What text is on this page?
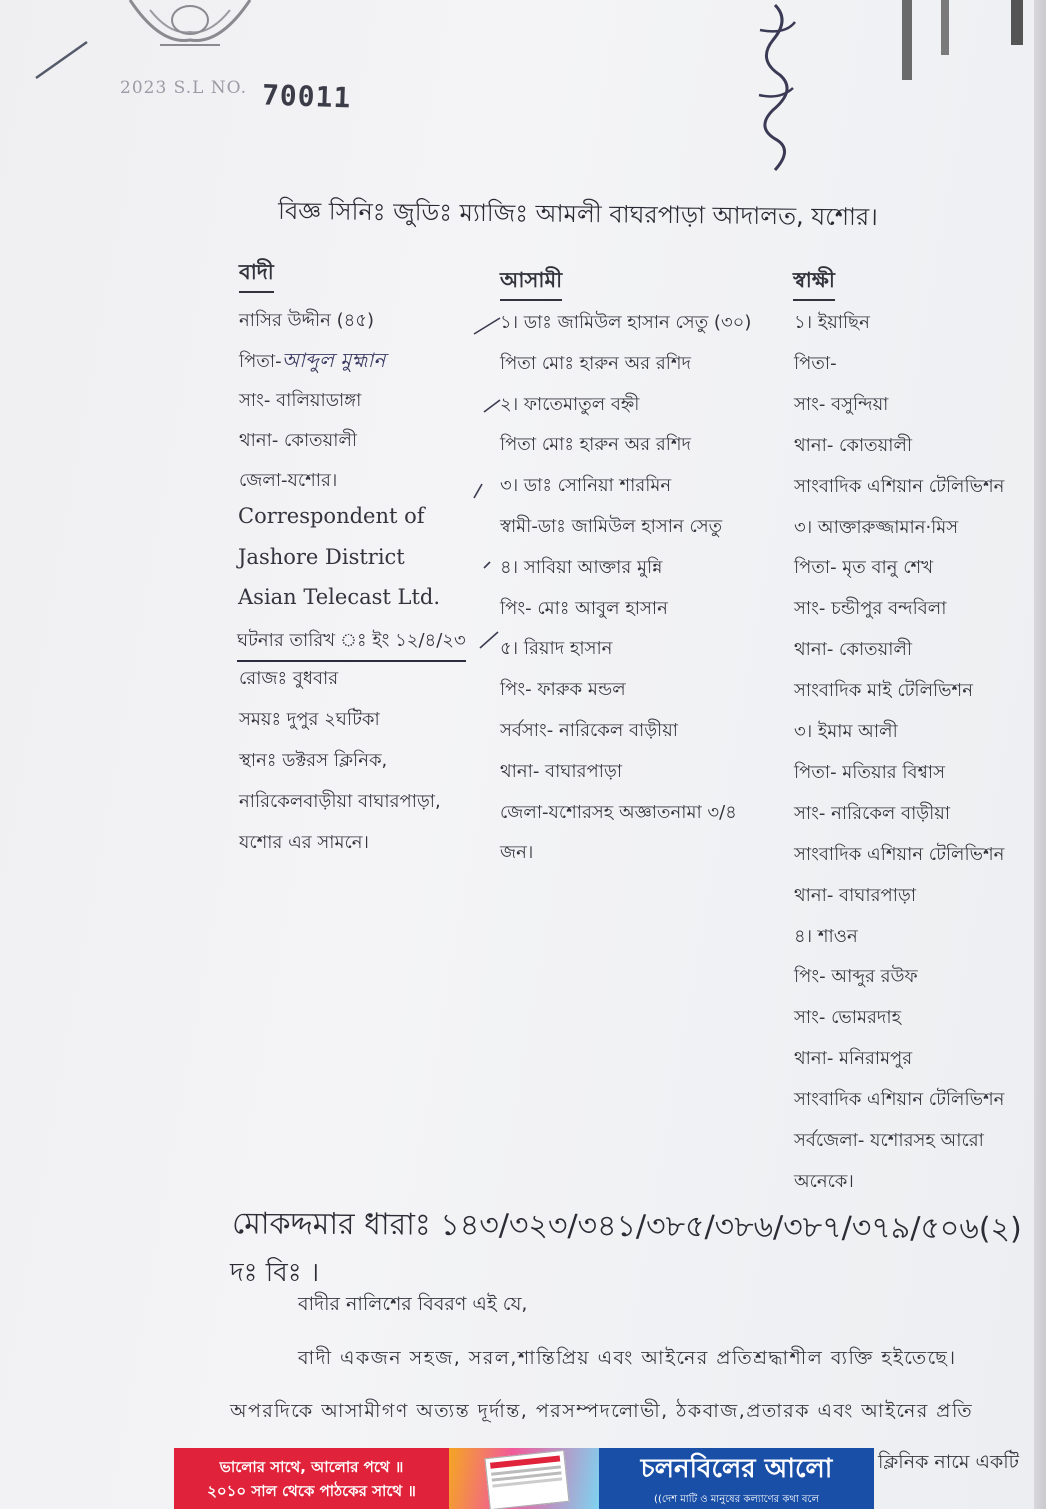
2023 S.L NO. 70011
বিজ্ঞ সিনিঃ জুডিঃ ম্যাজিঃ আমলী বাঘরপাড়া আদালত, যশোর।
বাদী
নাসির উদ্দীন (৪৫)
পিতা-আব্দুল মুহ্মান
সাং- বালিয়াডাঙ্গা
থানা- কোতয়ালী
জেলা-যশোর।
Correspondent of
Jashore District
Asian Telecast Ltd.
ঘটনার তারিখ ঃ ইং ১২/৪/২৩
রোজঃ বুধবার
সময়ঃ দুপুর ২ঘটিকা
স্থানঃ ডক্টরস ক্লিনিক,
নারিকেলবাড়ীয়া বাঘারপাড়া,
যশোর এর সামনে।
আসামী
১। ডাঃ জামিউল হাসান সেতু (৩০)
পিতা মোঃ হারুন অর রশিদ
২। ফাতেমাতুল বহ্নী
পিতা মোঃ হারুন অর রশিদ
৩। ডাঃ সোনিয়া শারমিন
স্বামী-ডাঃ জামিউল হাসান সেতু
৪। সাবিয়া আক্তার মুন্নি
পিং- মোঃ আবুল হাসান
৫। রিয়াদ হাসান
পিং- ফারুক মন্ডল
সর্বসাং- নারিকেল বাড়ীয়া
থানা- বাঘারপাড়া
জেলা-যশোরসহ অজ্ঞাতনামা ৩/৪
জন।
স্বাক্ষী
১। ইয়াছিন
পিতা-
সাং- বসুন্দিয়া
থানা- কোতয়ালী
সাংবাদিক এশিয়ান টেলিভিশন
৩। আক্তারুজ্জামান·মিস
পিতা- মৃত বানু শেখ
সাং- চন্ডীপুর বন্দবিলা
থানা- কোতয়ালী
সাংবাদিক মাই টেলিভিশন
৩। ইমাম আলী
পিতা- মতিয়ার বিশ্বাস
সাং- নারিকেল বাড়ীয়া
সাংবাদিক এশিয়ান টেলিভিশন
থানা- বাঘারপাড়া
৪। শাওন
পিং- আব্দুর রউফ
সাং- ভোমরদাহ
থানা- মনিরামপুর
সাংবাদিক এশিয়ান টেলিভিশন
সর্বজেলা- যশোরসহ আরো
অনেকে।
মোকদ্দমার ধারাঃ ১৪৩/৩২৩/৩৪১/৩৮৫/৩৮৬/৩৮৭/৩৭৯/৫০৬(২)
দঃ বিঃ ।
বাদীর নালিশের বিবরণ এই যে,
বাদী একজন সহজ, সরল,শান্তিপ্রিয় এবং আইনের প্রতিশ্রদ্ধাশীল ব্যক্তি হইতেছে।
অপরদিকে আসামীগণ অত্যন্ত দূর্দান্ত, পরসম্পদলোভী, ঠকবাজ,প্রতারক এবং আইনের প্রতি
ক্লিনিক নামে একটি
ভালোর সাথে, আলোর পথে ॥
২০১০ সাল থেকে পাঠকের সাথে ॥
চলনবিলের আলো
((দেশ মাটি ও মানুষের কল্যাণের কথা বলে
